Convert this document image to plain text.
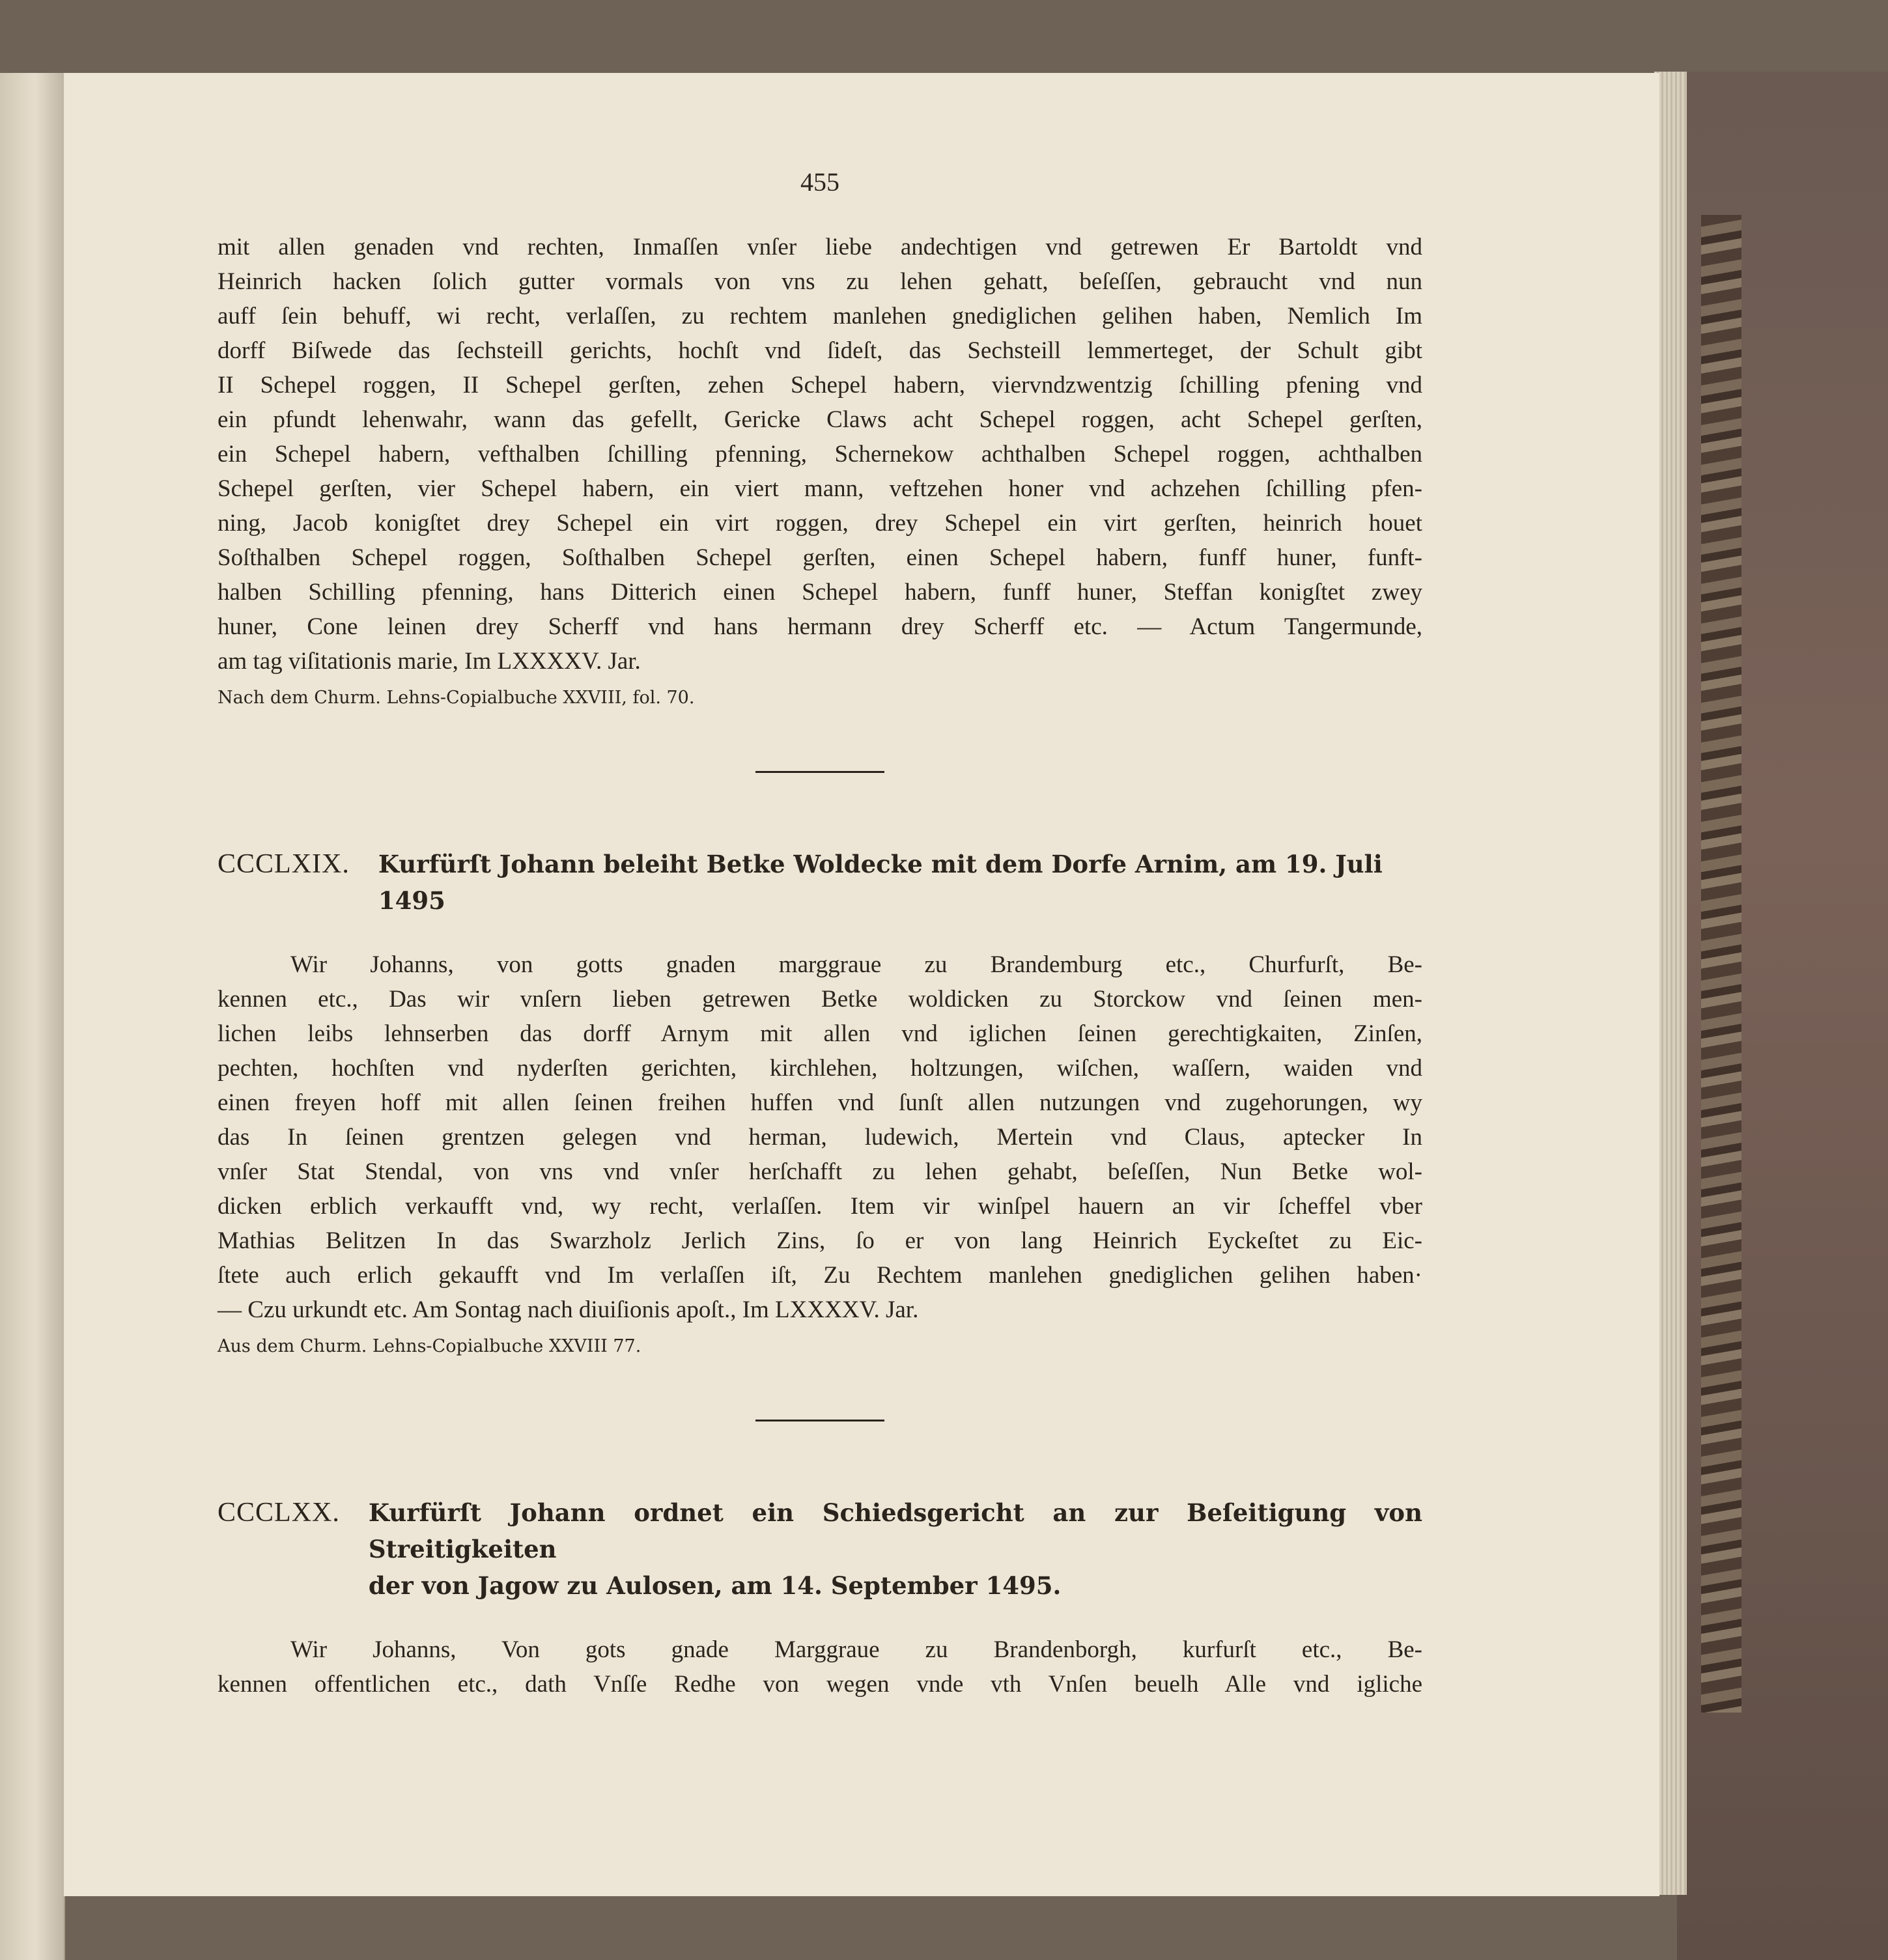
455

mit allen genaden vnd rechten, Inmaſſen vnſer liebe andechtigen vnd getrewen Er Bartoldt vnd
Heinrich hacken ſolich gutter vormals von vns zu lehen gehatt, beſeſſen, gebraucht vnd nun
auff ſein behuff, wi recht, verlaſſen, zu rechtem manlehen gnediglichen gelihen haben, Nemlich Im
dorff Biſwede das ſechsteill gerichts, hochſt vnd ſideſt, das Sechsteill lemmerteget, der Schult gibt
II Schepel roggen, II Schepel gerſten, zehen Schepel habern, viervndzwentzig ſchilling pfening vnd
ein pfundt lehenwahr, wann das gefellt, Gericke Claws acht Schepel roggen, acht Schepel gerſten,
ein Schepel habern, vefthalben ſchilling pfenning, Schernekow achthalben Schepel roggen, achthalben
Schepel gerſten, vier Schepel habern, ein viert mann, veftzehen honer vnd achzehen ſchilling pfen-
ning, Jacob konigſtet drey Schepel ein virt roggen, drey Schepel ein virt gerſten, heinrich houet
Soſthalben Schepel roggen, Soſthalben Schepel gerſten, einen Schepel habern, funff huner, funft-
halben Schilling pfenning, hans Ditterich einen Schepel habern, funff huner, Steffan konigſtet zwey
huner, Cone leinen drey Scherff vnd hans hermann drey Scherff etc. — Actum Tangermunde,
am tag viſitationis marie, Im LXXXXV. Jar.

Nach dem Churm. Lehns-Copialbuche XXVIII, fol. 70.
CCCLXIX. Kurfürſt Johann beleiht Betke Woldecke mit dem Dorfe Arnim, am 19. Juli 1495

Wir Johanns, von gotts gnaden marggraue zu Brandemburg etc., Churfurſt, Be-

kennen etc., Das wir vnſern lieben getrewen Betke woldicken zu Storckow vnd ſeinen men-
lichen leibs lehnserben das dorff Arnym mit allen vnd iglichen ſeinen gerechtigkaiten, Zinſen,
pechten, hochſten vnd nyderſten gerichten, kirchlehen, holtzungen, wiſchen, waſſern, waiden vnd
einen freyen hoff mit allen ſeinen freihen huffen vnd ſunſt allen nutzungen vnd zugehorungen, wy
das In ſeinen grentzen gelegen vnd herman, ludewich, Mertein vnd Claus, aptecker In
vnſer Stat Stendal, von vns vnd vnſer herſchafft zu lehen gehabt, beſeſſen, Nun Betke wol-
dicken erblich verkaufft vnd, wy recht, verlaſſen. Item vir winſpel hauern an vir ſcheffel vber
Mathias Belitzen In das Swarzholz Jerlich Zins, ſo er von lang Heinrich Eyckeſtet zu Eic-
ſtete auch erlich gekaufft vnd Im verlaſſen iſt, Zu Rechtem manlehen gnediglichen gelihen haben·
— Czu urkundt etc. Am Sontag nach diuiſionis apoſt., Im LXXXXV. Jar.

Aus dem Churm. Lehns-Copialbuche XXVIII 77.
CCCLXX. Kurfürſt Johann ordnet ein Schiedsgericht an zur Beſeitigung von Streitigkeiten
der von Jagow zu Aulosen, am 14. September 1495.

Wir Johanns, Von gots gnade Marggraue zu Brandenborgh, kurfurſt etc., Be-

kennen offentlichen etc., dath Vnſſe Redhe von wegen vnde vth Vnſen beuelh Alle vnd igliche
